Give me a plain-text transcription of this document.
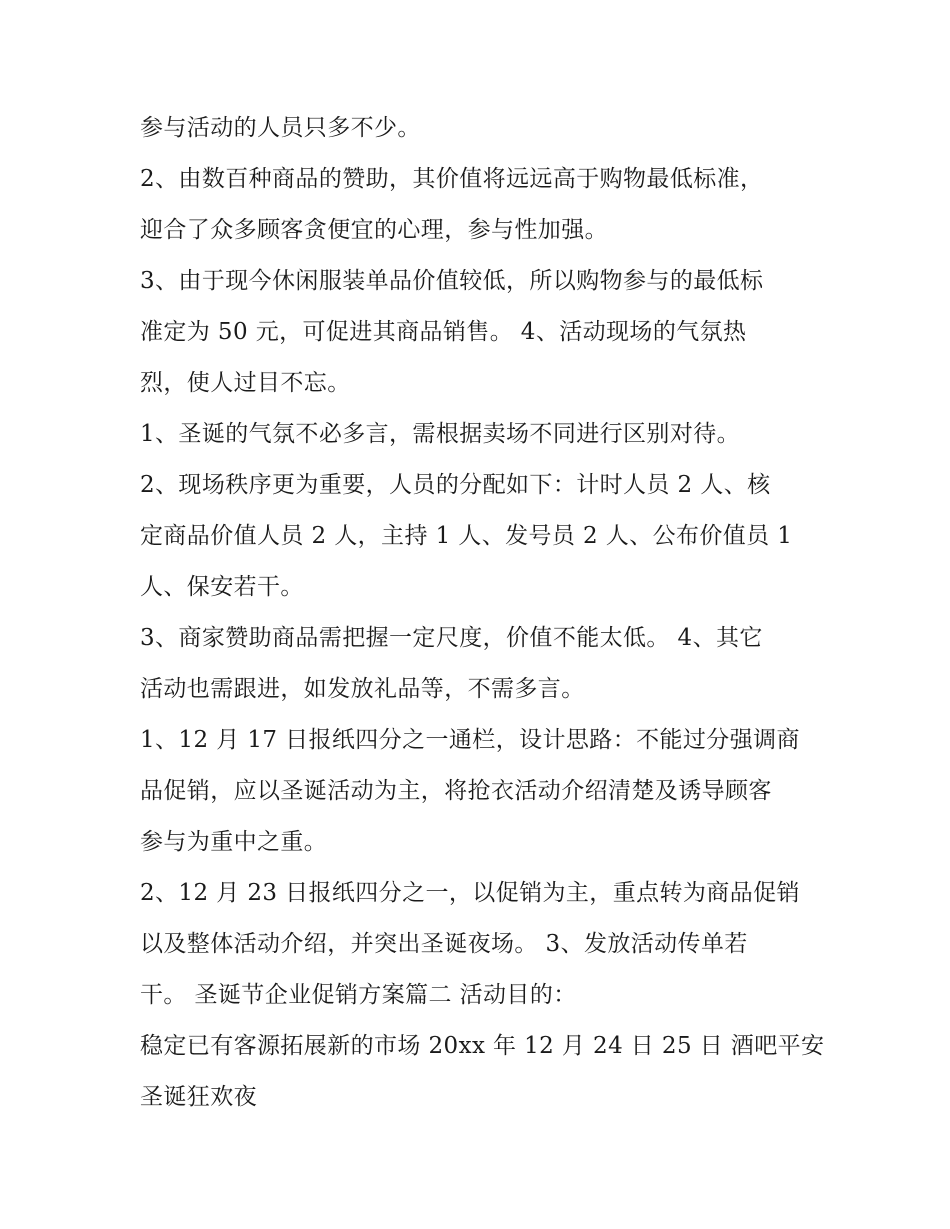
参与活动的人员只多不少。
2、由数百种商品的赞助，其价值将远远高于购物最低标准，
迎合了众多顾客贪便宜的心理，参与性加强。
3、由于现今休闲服装单品价值较低，所以购物参与的最低标
准定为 50 元，可促进其商品销售。 4、活动现场的气氛热
烈，使人过目不忘。
1、圣诞的气氛不必多言，需根据卖场不同进行区别对待。
2、现场秩序更为重要，人员的分配如下：计时人员 2 人、核
定商品价值人员 2 人，主持 1 人、发号员 2 人、公布价值员 1
人、保安若干。
3、商家赞助商品需把握一定尺度，价值不能太低。 4、其它
活动也需跟进，如发放礼品等，不需多言。
1、12 月 17 日报纸四分之一通栏，设计思路：不能过分强调商
品促销，应以圣诞活动为主，将抢衣活动介绍清楚及诱导顾客
参与为重中之重。
2、12 月 23 日报纸四分之一，以促销为主，重点转为商品促销
以及整体活动介绍，并突出圣诞夜场。 3、发放活动传单若
干。 圣诞节企业促销方案篇二 活动目的：
稳定已有客源拓展新的市场 20xx 年 12 月 24 日 25 日 酒吧平安
圣诞狂欢夜
